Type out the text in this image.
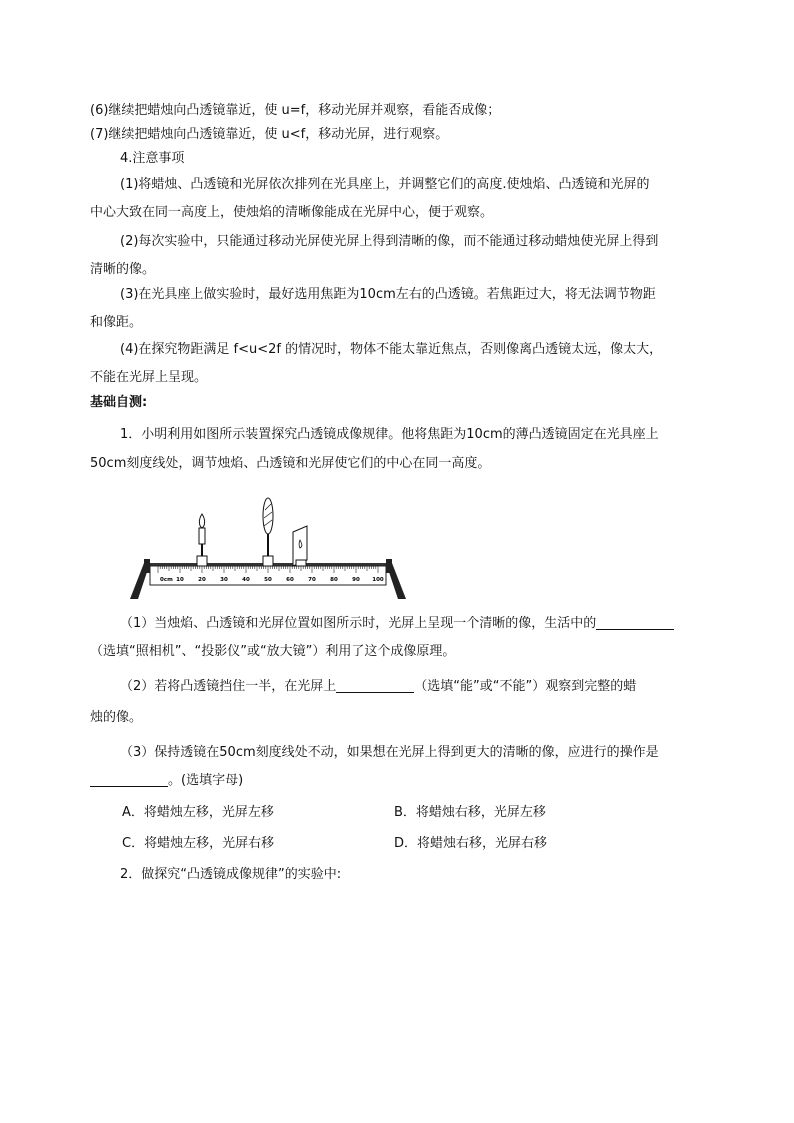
(6)继续把蜡烛向凸透镜靠近，使 u=f，移动光屏并观察，看能否成像；
(7)继续把蜡烛向凸透镜靠近，使 u<f，移动光屏，进行观察。
4.注意事项
(1)将蜡烛、凸透镜和光屏依次排列在光具座上，并调整它们的高度.使烛焰、凸透镜和光屏的
中心大致在同一高度上，使烛焰的清晰像能成在光屏中心，便于观察。
(2)每次实验中，只能通过移动光屏使光屏上得到清晰的像，而不能通过移动蜡烛使光屏上得到
清晰的像。
(3)在光具座上做实验时，最好选用焦距为10cm左右的凸透镜。若焦距过大，将无法调节物距
和像距。
(4)在探究物距满足 f<u<2f 的情况时，物体不能太靠近焦点，否则像离凸透镜太远，像太大，
不能在光屏上呈现。
基础自测:
1．小明利用如图所示装置探究凸透镜成像规律。他将焦距为10cm的薄凸透镜固定在光具座上
50cm刻度线处，调节烛焰、凸透镜和光屏使它们的中心在同一高度。
0cm 10	20	30	40	50	60	70	80	90 100
（1）当烛焰、凸透镜和光屏位置如图所示时，光屏上呈现一个清晰的像，生活中的
（选填“照相机”、“投影仪”或“放大镜”）利用了这个成像原理。
（2）若将凸透镜挡住一半，在光屏上	（选填“能”或“不能”）观察到完整的蜡
烛的像。
（3）保持透镜在50cm刻度线处不动，如果想在光屏上得到更大的清晰的像，应进行的操作是
。(选填字母)
A．将蜡烛左移，光屏左移	B．将蜡烛右移，光屏左移
C．将蜡烛左移，光屏右移	D．将蜡烛右移，光屏右移
2．做探究“凸透镜成像规律”的实验中:
